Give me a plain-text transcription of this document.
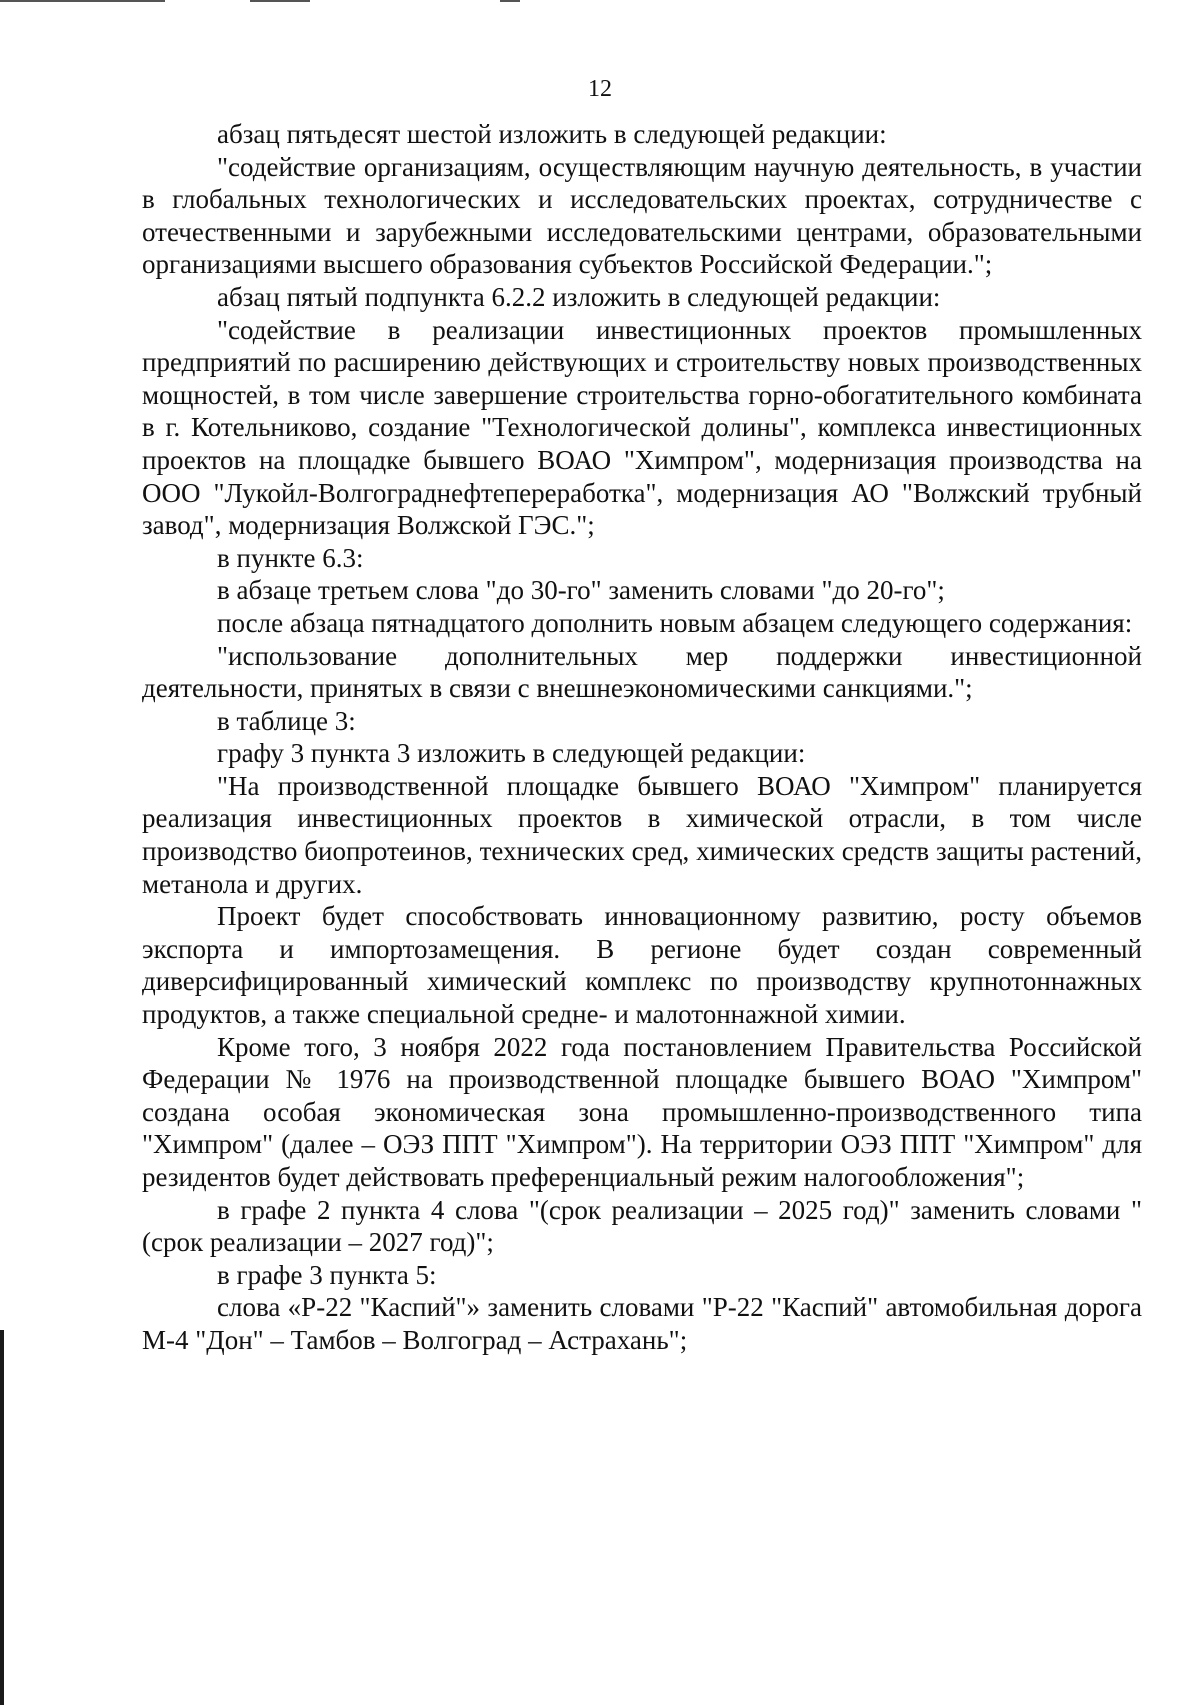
12

абзац пятьдесят шестой изложить в следующей редакции:

"содействие организациям, осуществляющим научную деятельность, в участии в глобальных технологических и исследовательских проектах, сотрудничестве с отечественными и зарубежными исследовательскими центрами, образовательными организациями высшего образования субъектов Российской Федерации.";

абзац пятый подпункта 6.2.2 изложить в следующей редакции:

"содействие в реализации инвестиционных проектов промышленных предприятий по расширению действующих и строительству новых производственных мощностей, в том числе завершение строительства горно-обогатительного комбината в г. Котельниково, создание "Технологической долины", комплекса инвестиционных проектов на площадке бывшего ВОАО "Химпром", модернизация производства на ООО "Лукойл-Волгограднефтепереработка", модернизация АО "Волжский трубный завод", модернизация Волжской ГЭС.";

в пункте 6.3:

в абзаце третьем слова "до 30-го" заменить словами "до 20-го";

после абзаца пятнадцатого дополнить новым абзацем следующего содержания:

"использование дополнительных мер поддержки инвестиционной деятельности, принятых в связи с внешнеэкономическими санкциями.";

в таблице 3:

графу 3 пункта 3 изложить в следующей редакции:

"На производственной площадке бывшего ВОАО "Химпром" планируется реализация инвестиционных проектов в химической отрасли, в том числе производство биопротеинов, технических сред, химических средств защиты растений, метанола и других.

Проект будет способствовать инновационному развитию, росту объемов экспорта и импортозамещения. В регионе будет создан современный диверсифицированный химический комплекс по производству крупнотоннажных продуктов, а также специальной средне- и малотоннажной химии.

Кроме того, 3 ноября 2022 года постановлением Правительства Российской Федерации № 1976 на производственной площадке бывшего ВОАО "Химпром" создана особая экономическая зона промышленно-производственного типа "Химпром" (далее – ОЭЗ ППТ "Химпром"). На территории ОЭЗ ППТ "Химпром" для резидентов будет действовать преференциальный режим налогообложения";

в графе 2 пункта 4 слова "(срок реализации – 2025 год)" заменить словами "(срок реализации – 2027 год)";

в графе 3 пункта 5:

слова «Р-22 "Каспий"» заменить словами "Р-22 "Каспий" автомобильная дорога М-4 "Дон" – Тамбов – Волгоград – Астрахань";
